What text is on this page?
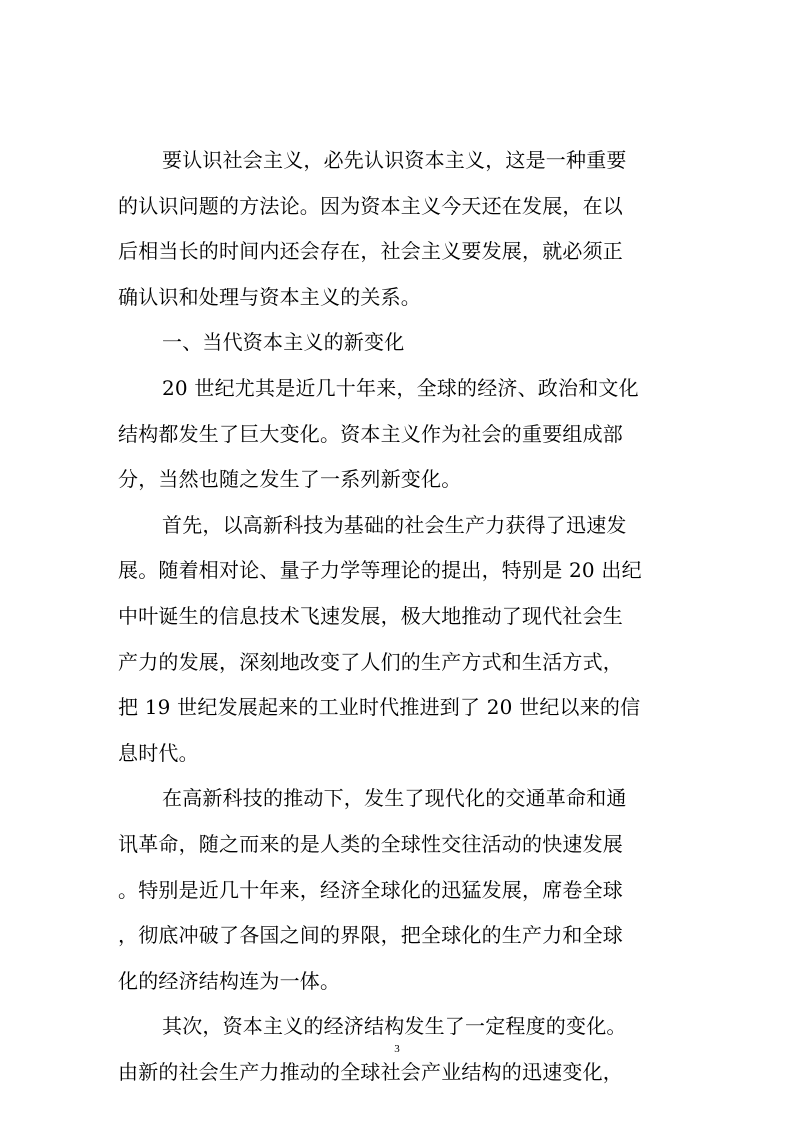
要认识社会主义，必先认识资本主义，这是一种重要
的认识问题的方法论。因为资本主义今天还在发展，在以
后相当长的时间内还会存在，社会主义要发展，就必须正
确认识和处理与资本主义的关系。
一、当代资本主义的新变化
20 世纪尤其是近几十年来，全球的经济、政治和文化
结构都发生了巨大变化。资本主义作为社会的重要组成部
分，当然也随之发生了一系列新变化。
首先，以高新科技为基础的社会生产力获得了迅速发
展。随着相对论、量子力学等理论的提出，特别是 20 出纪
中叶诞生的信息技术飞速发展，极大地推动了现代社会生
产力的发展，深刻地改变了人们的生产方式和生活方式，
把 19 世纪发展起来的工业时代推进到了 20 世纪以来的信
息时代。
在高新科技的推动下，发生了现代化的交通革命和通
讯革命，随之而来的是人类的全球性交往活动的快速发展
。特别是近几十年来，经济全球化的迅猛发展，席卷全球
，彻底冲破了各国之间的界限，把全球化的生产力和全球
化的经济结构连为一体。
其次，资本主义的经济结构发生了一定程度的变化。
由新的社会生产力推动的全球社会产业结构的迅速变化，
3
